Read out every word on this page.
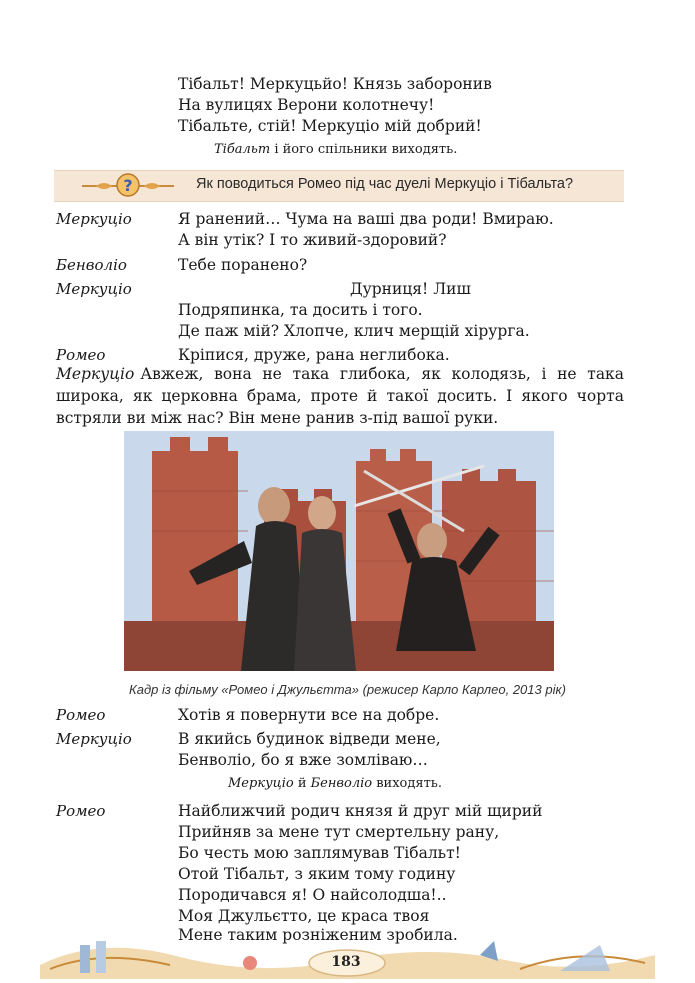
Тібальт! Меркуцьйо! Князь заборонив
На вулицях Верони колотнечу!
Тібальте, стій! Меркуціо мій добрий!
Тібальт і його спільники виходять.
?	Як поводиться Ромео під час дуелі Меркуціо і Тібальта?
Меркуціо	Я ранений… Чума на ваші два роди! Вмираю.
А він утік? І то живий-здоровий?
Бенволіо	Тебе поранено?
Меркуціо	Дурниця! Лиш
Подряпинка, та досить і того.
Де паж мій? Хлопче, клич мерщій хірурга.
Ромео	Кріпися, друже, рана неглибока.
Меркуціо Авжеж, вона не така глибока, як колодязь, і не така широка, як церковна брама, проте й такої досить. І якого чорта встряли ви між нас? Він мене ранив з-під вашої руки.
Кадр із фільму «Ромео і Джульєтта» (режисер Карло Карлео, 2013 рік)
Ромео	Хотів я повернути все на добре.
Меркуціо	В якийсь будинок відведи мене,
Бенволіо, бо я вже зомліваю…
Меркуціо й Бенволіо виходять.
Ромео	Найближчий родич князя й друг мій щирий
Прийняв за мене тут смертельну рану,
Бо честь мою заплямував Тібальт!
Отой Тібальт, з яким тому годину
Породичався я! О найсолодша!..
Моя Джульєтто, це краса твоя
Мене таким розніженим зробила.
183
